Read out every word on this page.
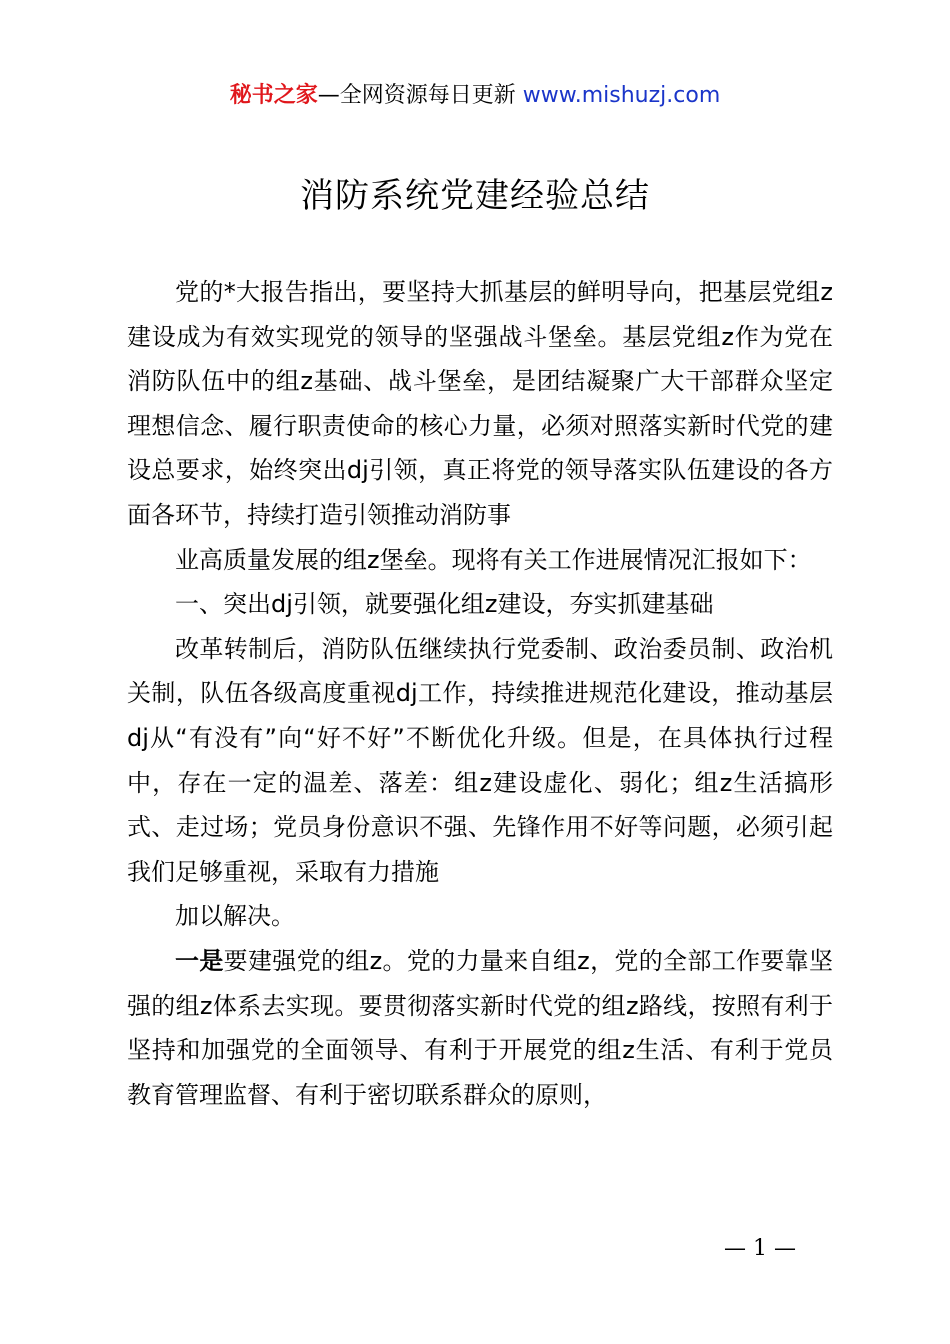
秘书之家—全网资源每日更新 www.mishuzj.com
消防系统党建经验总结

党的*大报告指出，要坚持大抓基层的鲜明导向，把基层党组z建设成为有效实现党的领导的坚强战斗堡垒。基层党组z作为党在消防队伍中的组z基础、战斗堡垒，是团结凝聚广大干部群众坚定理想信念、履行职责使命的核心力量，必须对照落实新时代党的建设总要求，始终突出dj引领，真正将党的领导落实队伍建设的各方面各环节，持续打造引领推动消防事

业高质量发展的组z堡垒。现将有关工作进展情况汇报如下：

一、突出dj引领，就要强化组z建设，夯实抓建基础

改革转制后，消防队伍继续执行党委制、政治委员制、政治机关制，队伍各级高度重视dj工作，持续推进规范化建设，推动基层dj从“有没有”向“好不好”不断优化升级。但是，在具体执行过程中，存在一定的温差、落差：组z建设虚化、弱化；组z生活搞形式、走过场；党员身份意识不强、先锋作用不好等问题，必须引起我们足够重视，采取有力措施

加以解决。

一是要建强党的组z。党的力量来自组z，党的全部工作要靠坚强的组z体系去实现。要贯彻落实新时代党的组z路线，按照有利于坚持和加强党的全面领导、有利于开展党的组z生活、有利于党员教育管理监督、有利于密切联系群众的原则，

— 1 —
